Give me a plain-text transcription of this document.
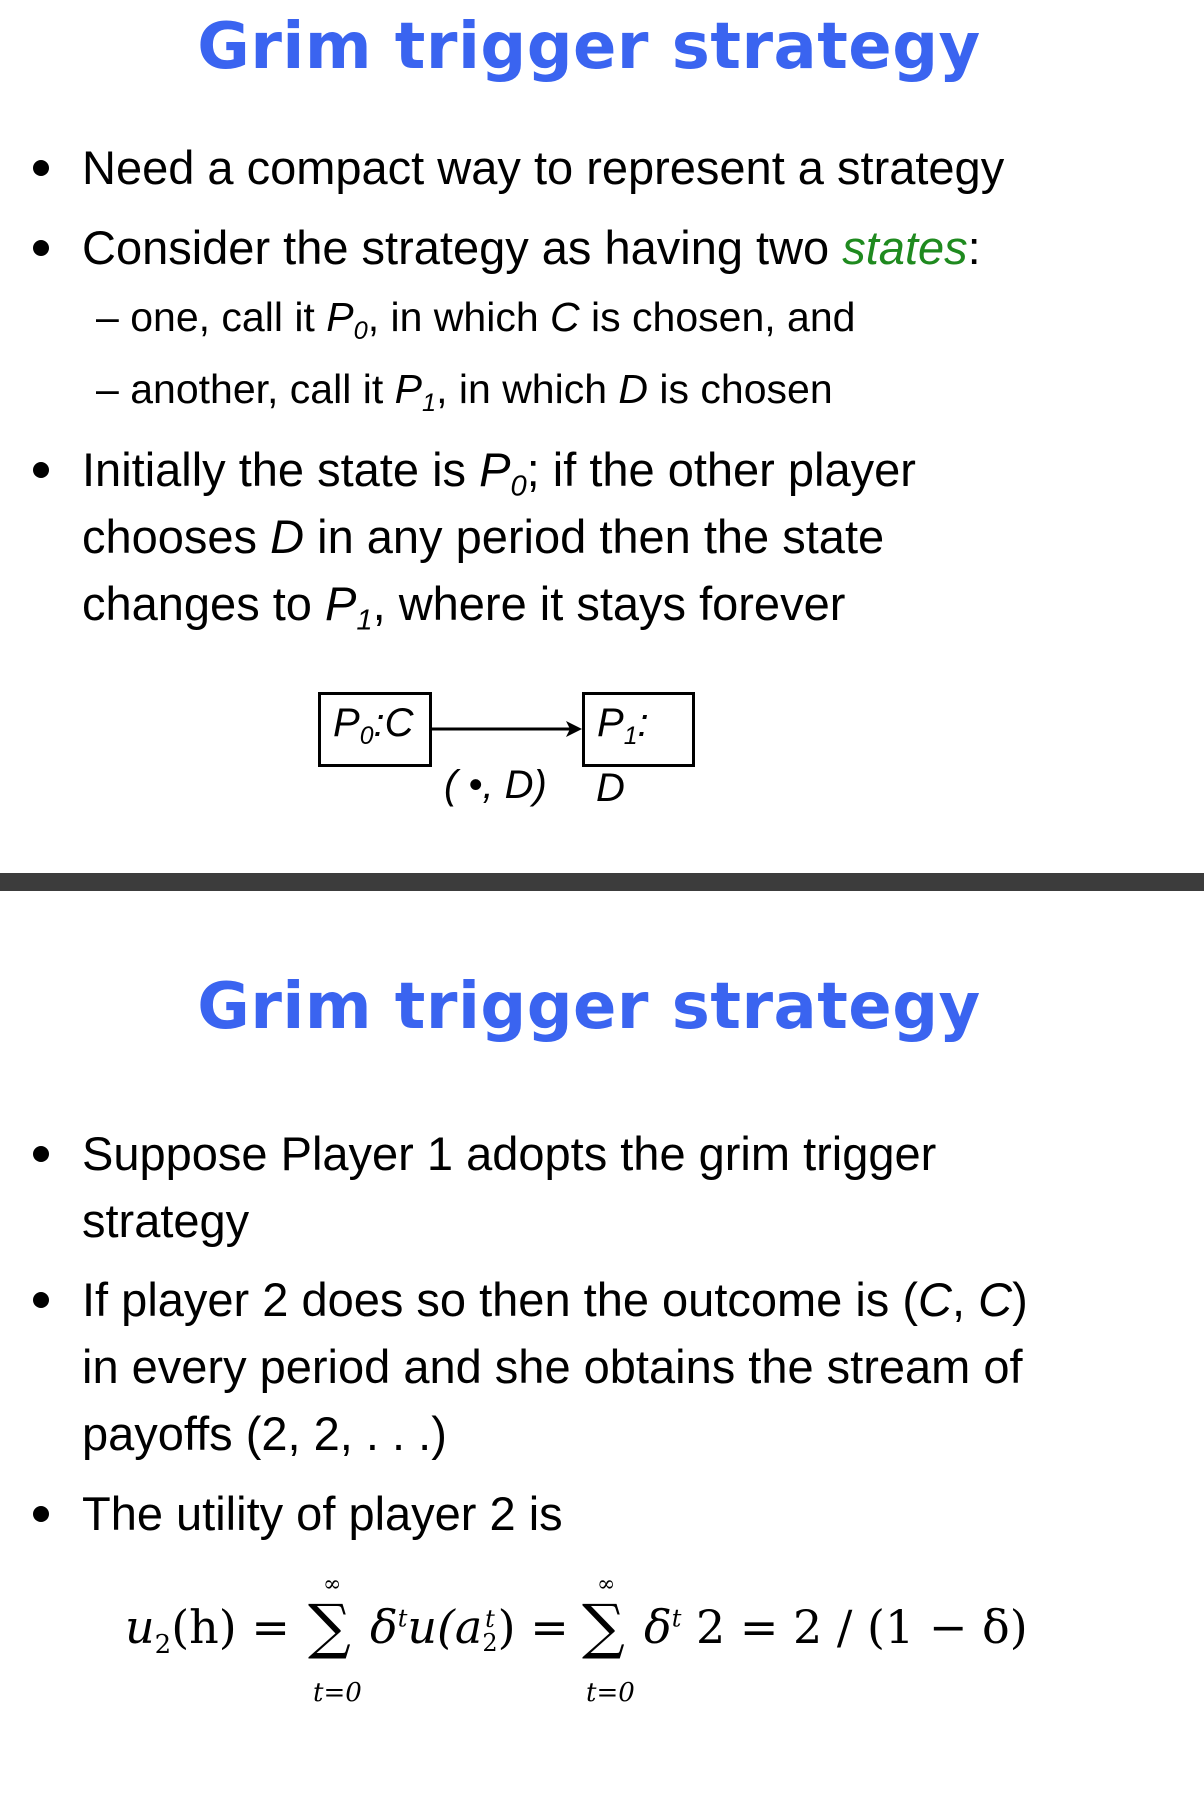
Grim trigger strategy
Need a compact way to represent a strategy
Consider the strategy as having two states:
– one, call it $P_0$, in which C is chosen, and
– another, call it $P_1$, in which D is chosen
Initially the state is $P_0$; if the other player
chooses D in any period then the state
changes to $P_1$, where it stays forever
$P_0:C$	$P_1$:
( •, D) D
Grim trigger strategy
Suppose Player 1 adopts the grim trigger
strategy
If player 2 does so then the outcome is (C, C)
in every period and she obtains the stream of
payoffs (2, 2, . . .)
The utility of player 2 is
$u_2(h)$ =
∞
∑
t=0
$\delta^tu(a$ t
2 ) =
∞
∑
t=0
$\delta^t$ 2 = 2 / (1 − δ)
